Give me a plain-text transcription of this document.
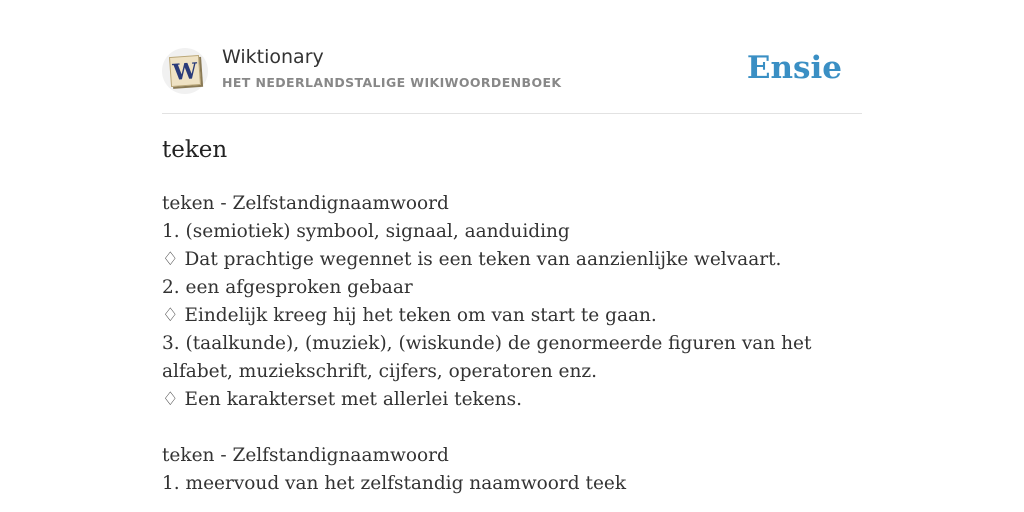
W
Wiktionary
HET NEDERLANDSTALIGE WIKIWOORDENBOEK	Ensie
teken
teken - Zelfstandignaamwoord
1. (semiotiek) symbool, signaal, aanduiding
♢ Dat prachtige wegennet is een teken van aanzienlijke welvaart.
2. een afgesproken gebaar
♢ Eindelijk kreeg hij het teken om van start te gaan.
3. (taalkunde), (muziek), (wiskunde) de genormeerde figuren van het alfabet, muziekschrift, cijfers, operatoren enz.
♢ Een karakterset met allerlei tekens.
teken - Zelfstandignaamwoord
1. meervoud van het zelfstandig naamwoord teek
